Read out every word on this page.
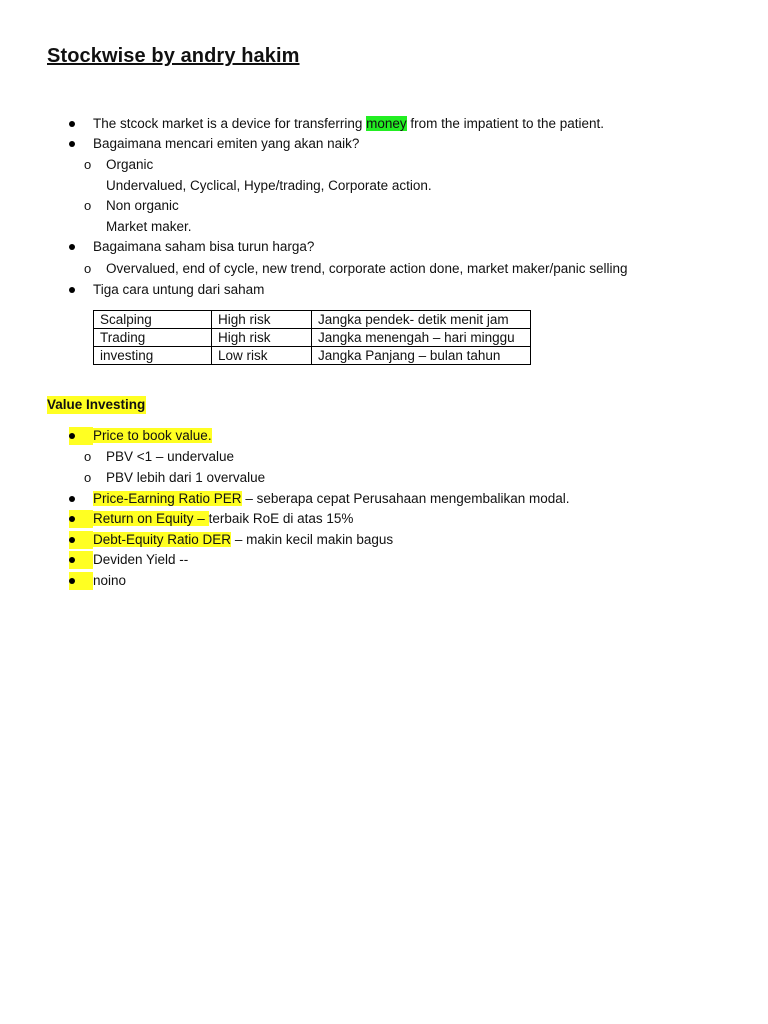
Stockwise by andry hakim
The stcock market is a device for transferring money from the impatient to the patient.
Bagaimana mencari emiten yang akan naik?
o Organic
Undervalued, Cyclical, Hype/trading, Corporate action.
o Non organic
Market maker.
Bagaimana saham bisa turun harga?
o Overvalued, end of cycle, new trend, corporate action done, market maker/panic selling
Tiga cara untung dari saham
Scalping	High risk	Jangka pendek- detik menit jam
Trading	High risk	Jangka menengah – hari minggu
investing	Low risk	Jangka Panjang – bulan tahun
Value Investing
Price to book value.
o PBV <1 – undervalue
o PBV lebih dari 1 overvalue
Price-Earning Ratio PER – seberapa cepat Perusahaan mengembalikan modal.
Return on Equity – terbaik RoE di atas 15%
Debt-Equity Ratio DER – makin kecil makin bagus
Deviden Yield --
noino
